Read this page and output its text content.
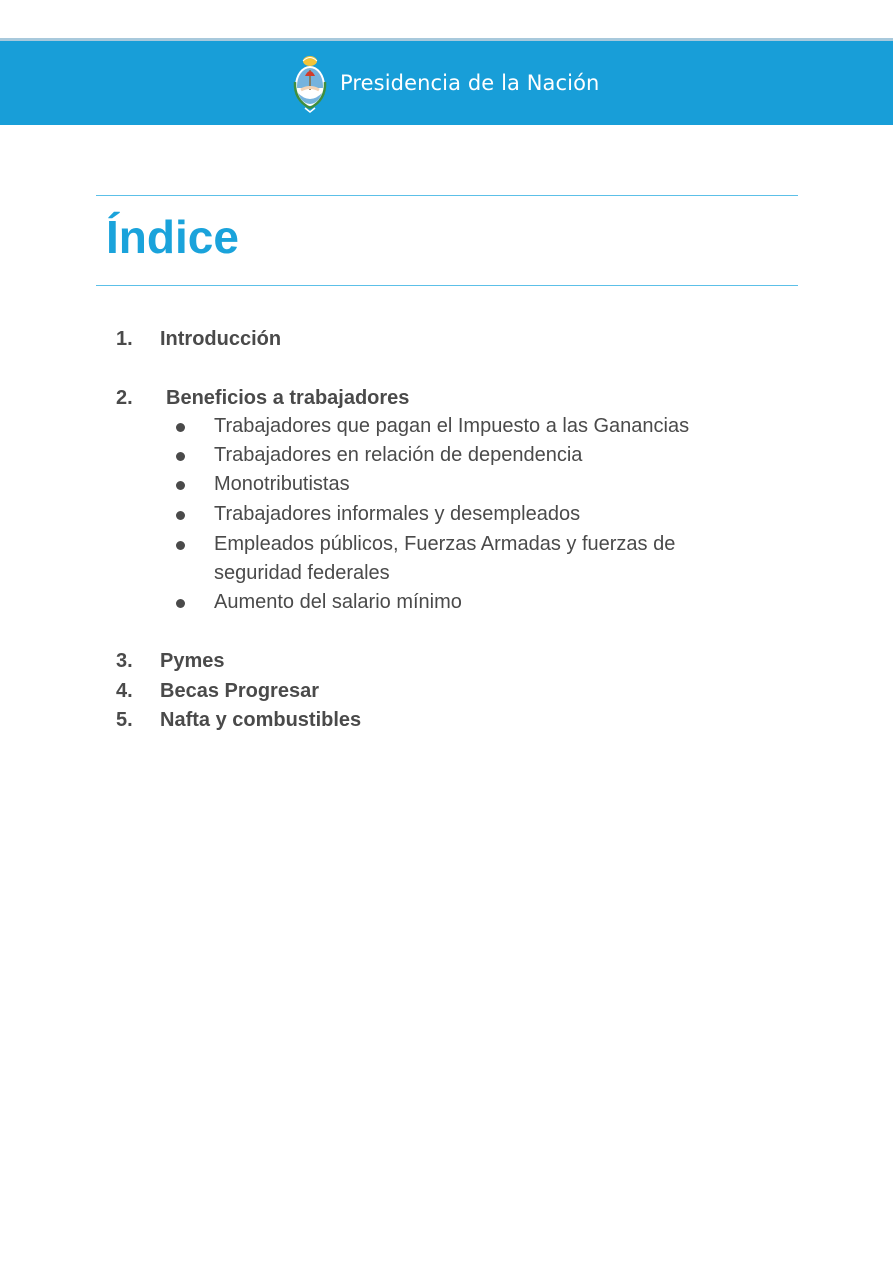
Presidencia de la Nación
Índice
1. Introducción
2. Beneficios a trabajadores
Trabajadores que pagan el Impuesto a las Ganancias
Trabajadores en relación de dependencia
Monotributistas
Trabajadores informales y desempleados
Empleados públicos, Fuerzas Armadas y fuerzas de seguridad federales
Aumento del salario mínimo
3. Pymes
4. Becas Progresar
5. Nafta y combustibles
